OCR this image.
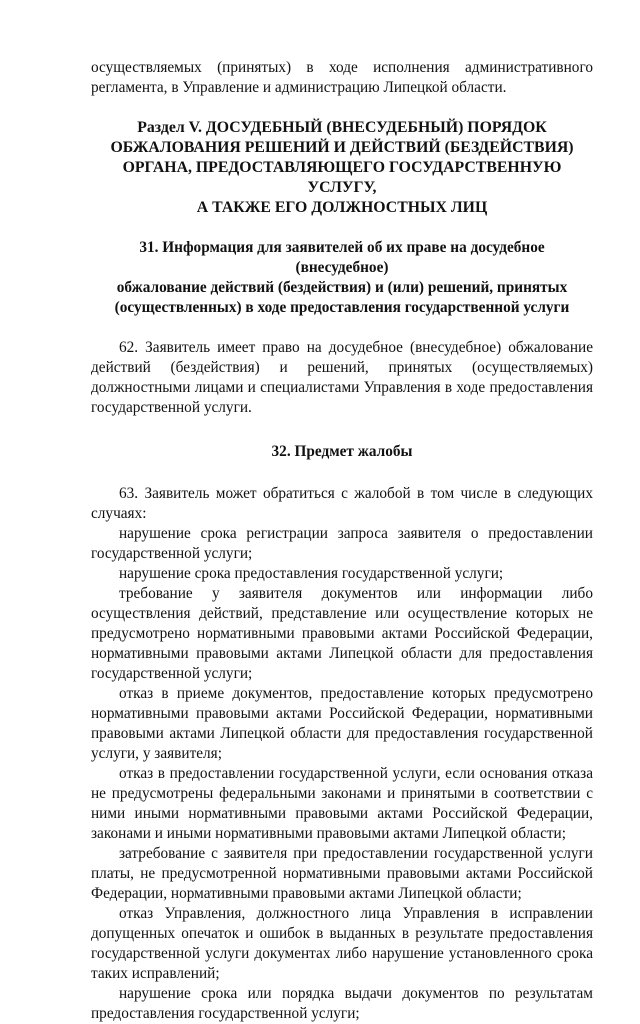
осуществляемых (принятых) в ходе исполнения административного регламента, в Управление и администрацию Липецкой области.

Раздел V. ДОСУДЕБНЫЙ (ВНЕСУДЕБНЫЙ) ПОРЯДОК
ОБЖАЛОВАНИЯ РЕШЕНИЙ И ДЕЙСТВИЙ (БЕЗДЕЙСТВИЯ)
ОРГАНА, ПРЕДОСТАВЛЯЮЩЕГО ГОСУДАРСТВЕННУЮ УСЛУГУ,
А ТАКЖЕ ЕГО ДОЛЖНОСТНЫХ ЛИЦ
31. Информация для заявителей об их праве на досудебное (внесудебное)
обжалование действий (бездействия) и (или) решений, принятых
(осуществленных) в ходе предоставления государственной услуги

62. Заявитель имеет право на досудебное (внесудебное) обжалование действий (бездействия) и решений, принятых (осуществляемых) должностными лицами и специалистами Управления в ходе предоставления государственной услуги.

32. Предмет жалобы

63. Заявитель может обратиться с жалобой в том числе в следующих случаях:

нарушение срока регистрации запроса заявителя о предоставлении государственной услуги;

нарушение срока предоставления государственной услуги;

требование у заявителя документов или информации либо осуществления действий, представление или осуществление которых не предусмотрено нормативными правовыми актами Российской Федерации, нормативными правовыми актами Липецкой области для предоставления государственной услуги;

отказ в приеме документов, предоставление которых предусмотрено нормативными правовыми актами Российской Федерации, нормативными правовыми актами Липецкой области для предоставления государственной услуги, у заявителя;

отказ в предоставлении государственной услуги, если основания отказа не предусмотрены федеральными законами и принятыми в соответствии с ними иными нормативными правовыми актами Российской Федерации, законами и иными нормативными правовыми актами Липецкой области;

затребование с заявителя при предоставлении государственной услуги платы, не предусмотренной нормативными правовыми актами Российской Федерации, нормативными правовыми актами Липецкой области;

отказ Управления, должностного лица Управления в исправлении допущенных опечаток и ошибок в выданных в результате предоставления государственной услуги документах либо нарушение установленного срока таких исправлений;

нарушение срока или порядка выдачи документов по результатам предоставления государственной услуги;
